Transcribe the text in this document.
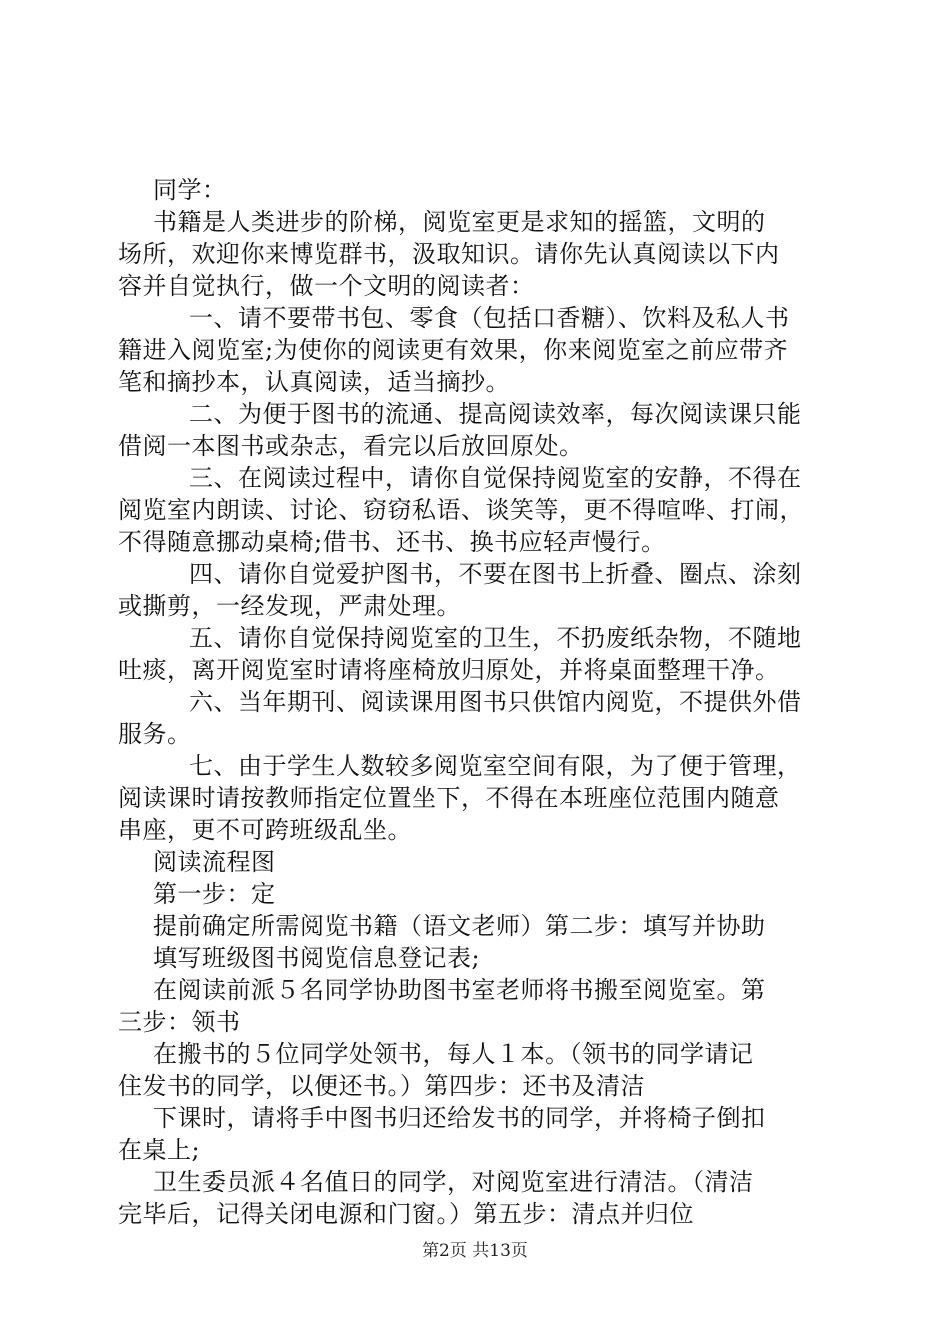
同学：
书籍是人类进步的阶梯，阅览室更是求知的摇篮，文明的
场所，欢迎你来博览群书，汲取知识。请你先认真阅读以下内
容并自觉执行，做一个文明的阅读者：
一、请不要带书包、零食（包括口香糖）、饮料及私人书
籍进入阅览室;为使你的阅读更有效果，你来阅览室之前应带齐
笔和摘抄本，认真阅读，适当摘抄。
二、为便于图书的流通、提高阅读效率，每次阅读课只能
借阅一本图书或杂志，看完以后放回原处。
三、在阅读过程中，请你自觉保持阅览室的安静，不得在
阅览室内朗读、讨论、窃窃私语、谈笑等，更不得喧哗、打闹，
不得随意挪动桌椅;借书、还书、换书应轻声慢行。
四、请你自觉爱护图书，不要在图书上折叠、圈点、涂刻
或撕剪，一经发现，严肃处理。
五、请你自觉保持阅览室的卫生，不扔废纸杂物，不随地
吐痰，离开阅览室时请将座椅放归原处，并将桌面整理干净。
六、当年期刊、阅读课用图书只供馆内阅览，不提供外借
服务。
七、由于学生人数较多阅览室空间有限，为了便于管理，
阅读课时请按教师指定位置坐下，不得在本班座位范围内随意
串座，更不可跨班级乱坐。
阅读流程图
第一步：定
提前确定所需阅览书籍（语文老师）第二步：填写并协助
填写班级图书阅览信息登记表;
在阅读前派５名同学协助图书室老师将书搬至阅览室。第
三步：领书
在搬书的５位同学处领书，每人１本。（领书的同学请记
住发书的同学，以便还书。）第四步：还书及清洁
下课时，请将手中图书归还给发书的同学，并将椅子倒扣
在桌上;
卫生委员派４名值日的同学，对阅览室进行清洁。（清洁
完毕后，记得关闭电源和门窗。）第五步：清点并归位
第2页 共13页
